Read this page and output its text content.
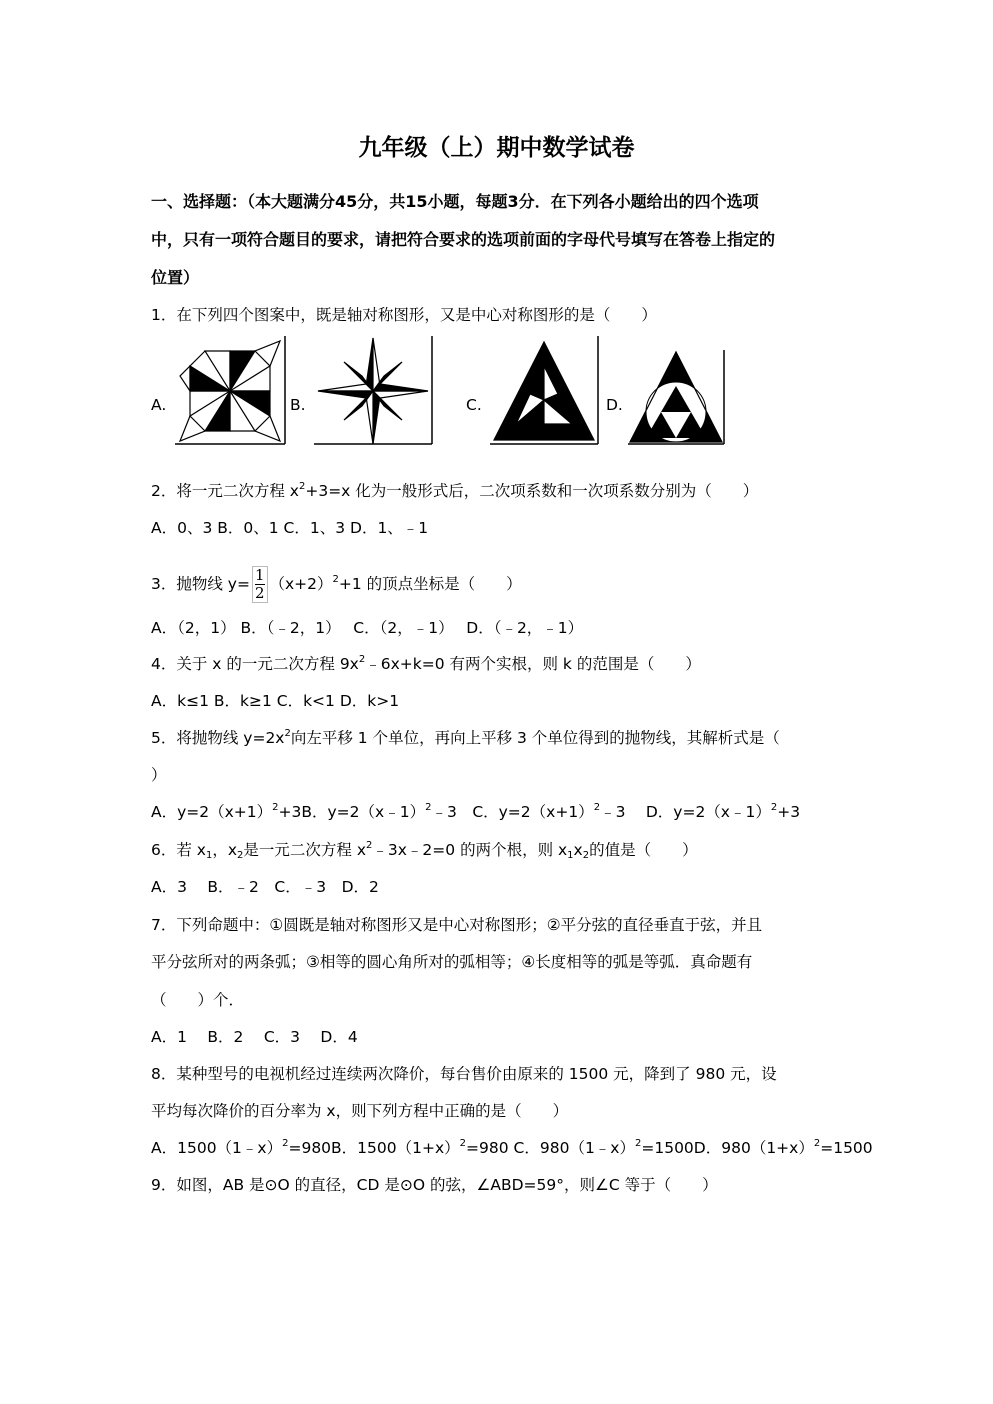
九年级（上）期中数学试卷
一、选择题：（本大题满分45分，共15小题，每题3分．在下列各小题给出的四个选项
中，只有一项符合题目的要求，请把符合要求的选项前面的字母代号填写在答卷上指定的
位置）
1．在下列四个图案中，既是轴对称图形，又是中心对称图形的是（　　）
A.	B.	C.	D.
2．将一元二次方程 $x^2+3=x$ 化为一般形式后，二次项系数和一次项系数分别为（　　）
A．0、3 B．0、1 C．1、3 D．1、﹣1
3．抛物线 $y= \frac{1}{2} (x+2)^2+1$ 的顶点坐标是（　　）
A．（2，1） B．（﹣2，1）　 C．（2，﹣1）　 D．（﹣2，﹣1）
4．关于 x 的一元二次方程 $9x^2﹣6x+k=0$ 有两个实根，则 k 的范围是（　　）
A．k≤1 B．k≥1 C．k<1 D．k>1
5．将抛物线 $y=2x^2$向左平移 1 个单位，再向上平移 3 个单位得到的抛物线，其解析式是（
）
A．$y=2(x+1)^2+3B$．y=2（x﹣1）$^2$﹣3　C．$y=2(x+1)^2﹣3$　 D．y=2（x﹣1）$^2$+3
6．若 $x_1$，$x_2$是一元二次方程 $x^2﹣3x﹣2=0$ 的两个根，则 $x_1x_2$的值是（　　）
A．3　 B．﹣2　C．﹣3　D．2
7．下列命题中：①圆既是轴对称图形又是中心对称图形；②平分弦的直径垂直于弦，并且
平分弦所对的两条弧；③相等的圆心角所对的弧相等；④长度相等的弧是等弧．真命题有
（　　）个．
A．1　 B．2　 C．3　 D．4
8．某种型号的电视机经过连续两次降价，每台售价由原来的 1500 元，降到了 980 元，设
平均每次降价的百分率为 x，则下列方程中正确的是（　　）
A．1500（1﹣x）$^2$=980B．$1500(1+x)^2=980$ C．980（1﹣x）$^2$=1500D．$980(1+x)^2=1500$
9．如图，AB 是⊙O 的直径，CD 是⊙O 的弦，∠ABD=59°，则∠C 等于（　　）
